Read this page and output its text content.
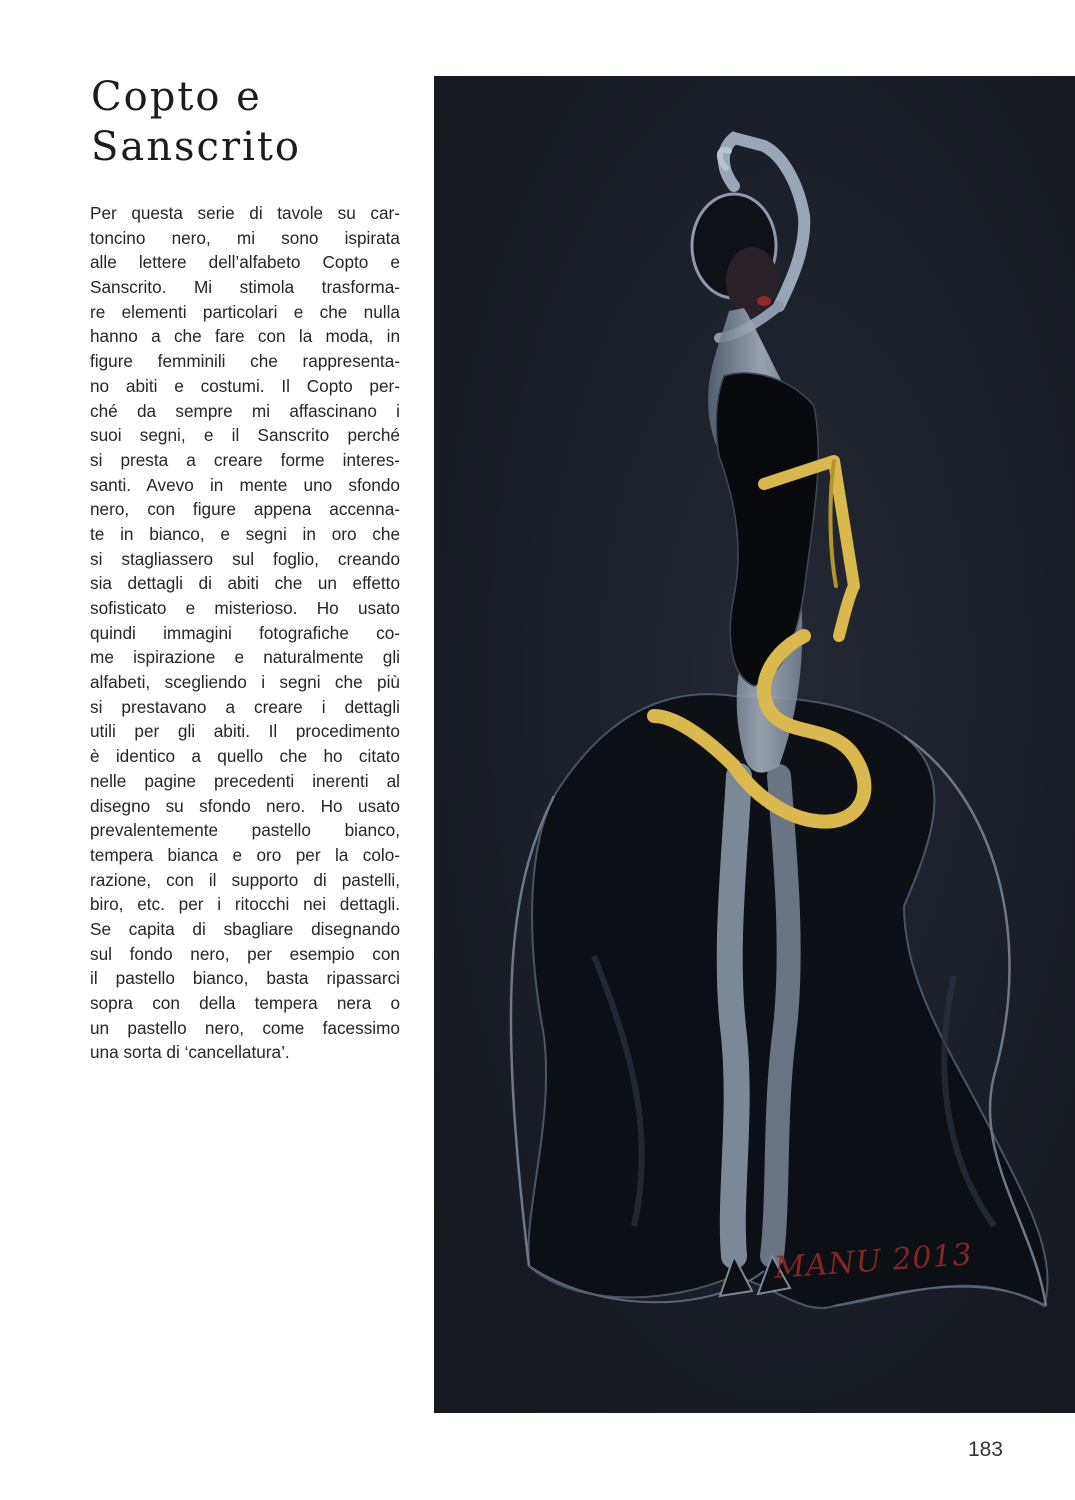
Copto e
Sanscrito
Per questa serie di tavole su car-
toncino nero, mi sono ispirata
alle lettere dell’alfabeto Copto e
Sanscrito. Mi stimola trasforma-
re elementi particolari e che nulla
hanno a che fare con la moda, in
figure femminili che rappresenta-
no abiti e costumi. Il Copto per-
ché da sempre mi affascinano i
suoi segni, e il Sanscrito perché
si presta a creare forme interes-
santi. Avevo in mente uno sfondo
nero, con figure appena accenna-
te in bianco, e segni in oro che
si stagliassero sul foglio, creando
sia dettagli di abiti che un effetto
sofisticato e misterioso. Ho usato
quindi immagini fotografiche co-
me ispirazione e naturalmente gli
alfabeti, scegliendo i segni che più
si prestavano a creare i dettagli
utili per gli abiti. Il procedimento
è identico a quello che ho citato
nelle pagine precedenti inerenti al
disegno su sfondo nero. Ho usato
prevalentemente pastello bianco,
tempera bianca e oro per la colo-
razione, con il supporto di pastelli,
biro, etc. per i ritocchi nei dettagli.
Se capita di sbagliare disegnando
sul fondo nero, per esempio con
il pastello bianco, basta ripassarci
sopra con della tempera nera o
un pastello nero, come facessimo
una sorta di ‘cancellatura’.
MANU 2013
183
